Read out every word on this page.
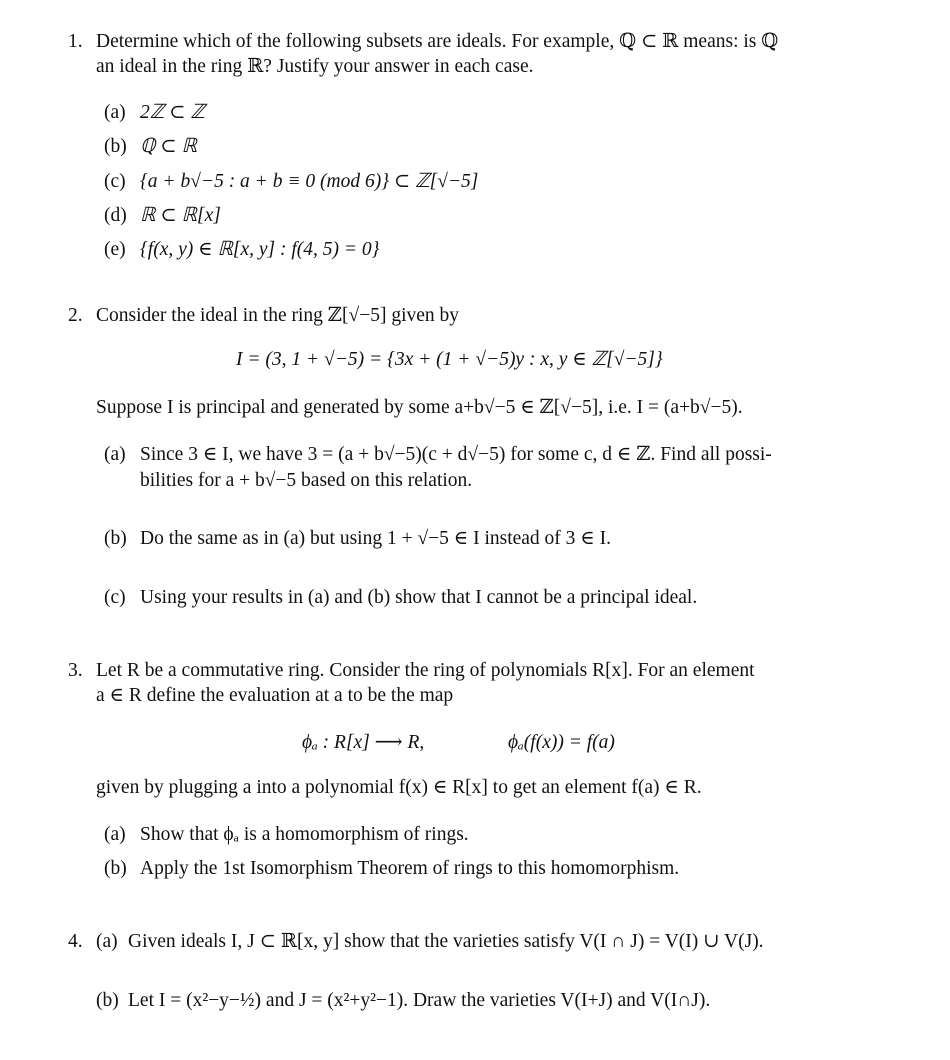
1. Determine which of the following subsets are ideals. For example, ℚ ⊂ ℝ means: is ℚ
an ideal in the ring ℝ? Justify your answer in each case.
(a) 2ℤ ⊂ ℤ
(b) ℚ ⊂ ℝ
(c) {a + b√−5 : a + b ≡ 0 (mod 6)} ⊂ ℤ[√−5]
(d) ℝ ⊂ ℝ[x]
(e) {f(x, y) ∈ ℝ[x, y] : f(4, 5) = 0}
2. Consider the ideal in the ring ℤ[√−5] given by
I = (3, 1 + √−5) = {3x + (1 + √−5)y : x, y ∈ ℤ[√−5]}
Suppose I is principal and generated by some a+b√−5 ∈ ℤ[√−5], i.e. I = (a+b√−5).
(a) Since 3 ∈ I, we have 3 = (a + b√−5)(c + d√−5) for some c, d ∈ ℤ. Find all possi-
bilities for a + b√−5 based on this relation.
(b) Do the same as in (a) but using 1 + √−5 ∈ I instead of 3 ∈ I.
(c) Using your results in (a) and (b) show that I cannot be a principal ideal.
3. Let R be a commutative ring. Consider the ring of polynomials R[x]. For an element
a ∈ R define the evaluation at a to be the map
ϕₐ : R[x] ⟶ R,	ϕₐ(f(x)) = f(a)
given by plugging a into a polynomial f(x) ∈ R[x] to get an element f(a) ∈ R.
(a) Show that ϕₐ is a homomorphism of rings.
(b) Apply the 1st Isomorphism Theorem of rings to this homomorphism.
4. (a) Given ideals I, J ⊂ ℝ[x, y] show that the varieties satisfy V(I ∩ J) = V(I) ∪ V(J).
(b) Let I = (x²−y−½) and J = (x²+y²−1). Draw the varieties V(I+J) and V(I∩J).
